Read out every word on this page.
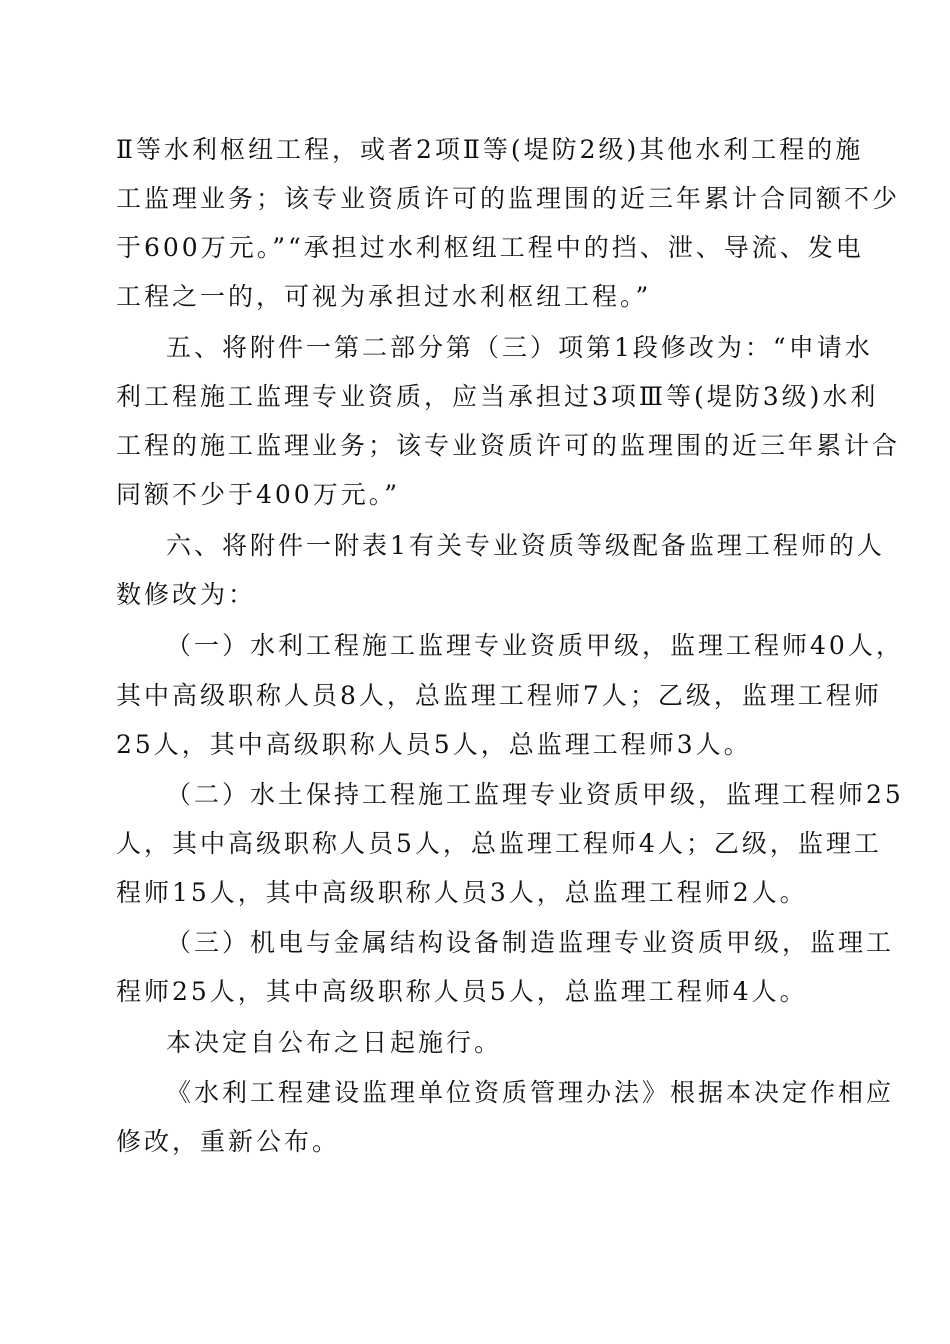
Ⅱ等水利枢纽工程，或者2项Ⅱ等(堤防2级)其他水利工程的施
工监理业务；该专业资质许可的监理围的近三年累计合同额不少
于600万元。”“承担过水利枢纽工程中的挡、泄、导流、发电
工程之一的，可视为承担过水利枢纽工程。”
五、将附件一第二部分第（三）项第1段修改为：“申请水
利工程施工监理专业资质，应当承担过3项Ⅲ等(堤防3级)水利
工程的施工监理业务；该专业资质许可的监理围的近三年累计合
同额不少于400万元。”
六、将附件一附表1有关专业资质等级配备监理工程师的人
数修改为：
（一）水利工程施工监理专业资质甲级，监理工程师40人，
其中高级职称人员8人，总监理工程师7人；乙级，监理工程师
25人，其中高级职称人员5人，总监理工程师3人。
（二）水土保持工程施工监理专业资质甲级，监理工程师25
人，其中高级职称人员5人，总监理工程师4人；乙级，监理工
程师15人，其中高级职称人员3人，总监理工程师2人。
（三）机电与金属结构设备制造监理专业资质甲级，监理工
程师25人，其中高级职称人员5人，总监理工程师4人。
本决定自公布之日起施行。
《水利工程建设监理单位资质管理办法》根据本决定作相应
修改，重新公布。
